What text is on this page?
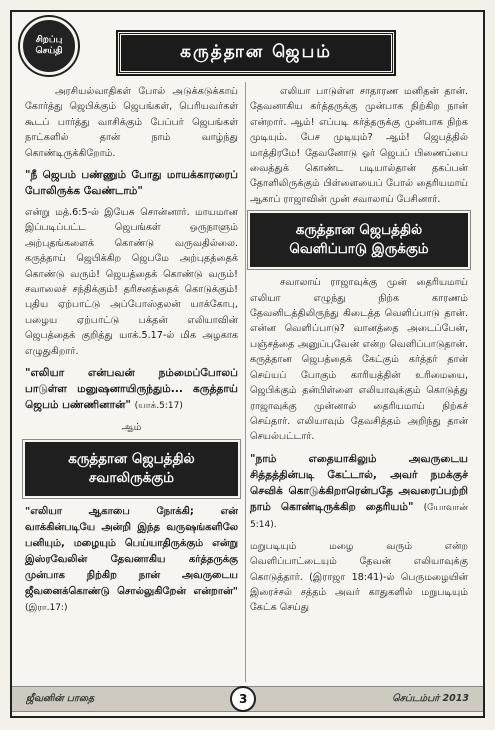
சிறப்பு
செய்தி	கருத்தான ஜெபம்

அரசியல்வாதிகள் போல் அடுக்கடுக்காய் கோர்த்து ஜெபிக்கும் ஜெபங்கள், பெரியவர்கள் கூடப் பார்த்து வாசிக்கும் பேப்பர் ஜெபங்கள் நாட்களில் தான் நாம் வாழ்ந்து கொண்டிருக்கிறோம்.

"நீ ஜெபம் பண்ணும் போது மாயக்காரரைப் போலிருக்க வேண்டாம்"

என்று மத்.6:5-ல் இயேசு சொன்னார். மாயமான இப்படிப்பட்ட ஜெபங்கள் ஒருநாளும் அற்புதங்களைக் கொண்டு வருவதில்லை. கருத்தாய் ஜெபிக்கிற ஜெபமே அற்புதத்தைக் கொண்டு வரும்! ஜெயத்தைக் கொண்டு வரும்! சவாலைச் சந்திக்கும்! தரிசனத்தைக் கொடுக்கும்! புதிய ஏற்பாட்டு அப்போஸ்தலன் யாக்கோபு, பழைய ஏற்பாட்டு பக்தன் எலியாவின் ஜெபத்தைக் குறித்து யாக்.5.17-ல் மிக அழகாக எழுதுகிறார்.

"எலியா என்பவன் நம்மைப்போலப் பாடுள்ள மனுஷனாயிருந்தும்... கருத்தாய் ஜெபம் பண்ணினான்" (யாக்.5:17)

ஆம்

கருத்தான ஜெபத்தில் சவாலிருக்கும்

"எலியா ஆகாபை நோக்கி; என் வாக்கின்படியே அன்றி இந்த வருஷங்களிலே பனியும், மழையும் பெய்யாதிருக்கும் என்று இஸ்ரவேலின் தேவனாகிய கர்த்தருக்கு முன்பாக நிற்கிற நான் அவருடைய ஜீவனைக்கொண்டு சொல்லுகிறேன் என்றான்" (இரா.17:)

எலியா பாடுள்ள சாதாரண மனிதன் தான். தேவனாகிய கர்த்தருக்கு முன்பாக நிற்கிற நான் என்றார். ஆம்! எப்படி கர்த்தருக்கு முன்பாக நிற்க முடியும். பேச முடியும்? ஆம்! ஜெபத்தில் மாத்திரமே! தேவனோடு ஓர் ஜெபப் பிணைப்பை வைத்துக் கொண்ட படியால்தான் தகப்பன் தோளிலிருக்கும் பிள்ளையைப் போல் தைரியமாய் ஆகாப் ராஜாவின் முன் சவாலாய் பேசினார்.

கருத்தான ஜெபத்தில் வெளிப்பாடு இருக்கும்

சவாலாய் ராஜாவுக்கு முன் தைரியமாய் எலியா எழுந்து நிற்க காரணம் தேவனிடத்திலிருந்து கிடைத்த வெளிப்பாடு தான். என்ன வெளிப்பாடு? வானத்தை அடைப்பேன், பஞ்சத்தை அனுப்புவேன் என்ற வெளிப்பாடுதான். கருத்தான ஜெபத்தைக் கேட்கும் கர்த்தர் தான் செய்யப் போகும் காரியத்தின் உரிமையை, ஜெபிக்கும் தன்பிள்ளை எலியாவுக்கும் கொடுத்து ராஜாவுக்கு முன்னால் தைரியமாய் நிற்கச் செய்தார். எலியாவும் தேவசித்தம் அறிந்து தான் செயல்பட்டார்.

"நாம் எதையாகிலும் அவருடைய சித்தத்தின்படி கேட்டால், அவர் நமக்குச் செவிக் கொடுக்கிறாரென்பதே அவரைப்பற்றி நாம் கொண்டிருக்கிற தைரியம்" (யோவான் 5:14).

மறுபடியும் மழை வரும் என்ற வெளிப்பாட்டையும் தேவன் எலியாவுக்கு கொடுத்தார். (இராஜா 18:41)-ல் பெருமழையின் இரைச்சல் சத்தம் அவர் காதுகளில் மறுபடியும் கேட்க செய்து

ஜீவனின் பாதை	3	செப்டம்பர் 2013
